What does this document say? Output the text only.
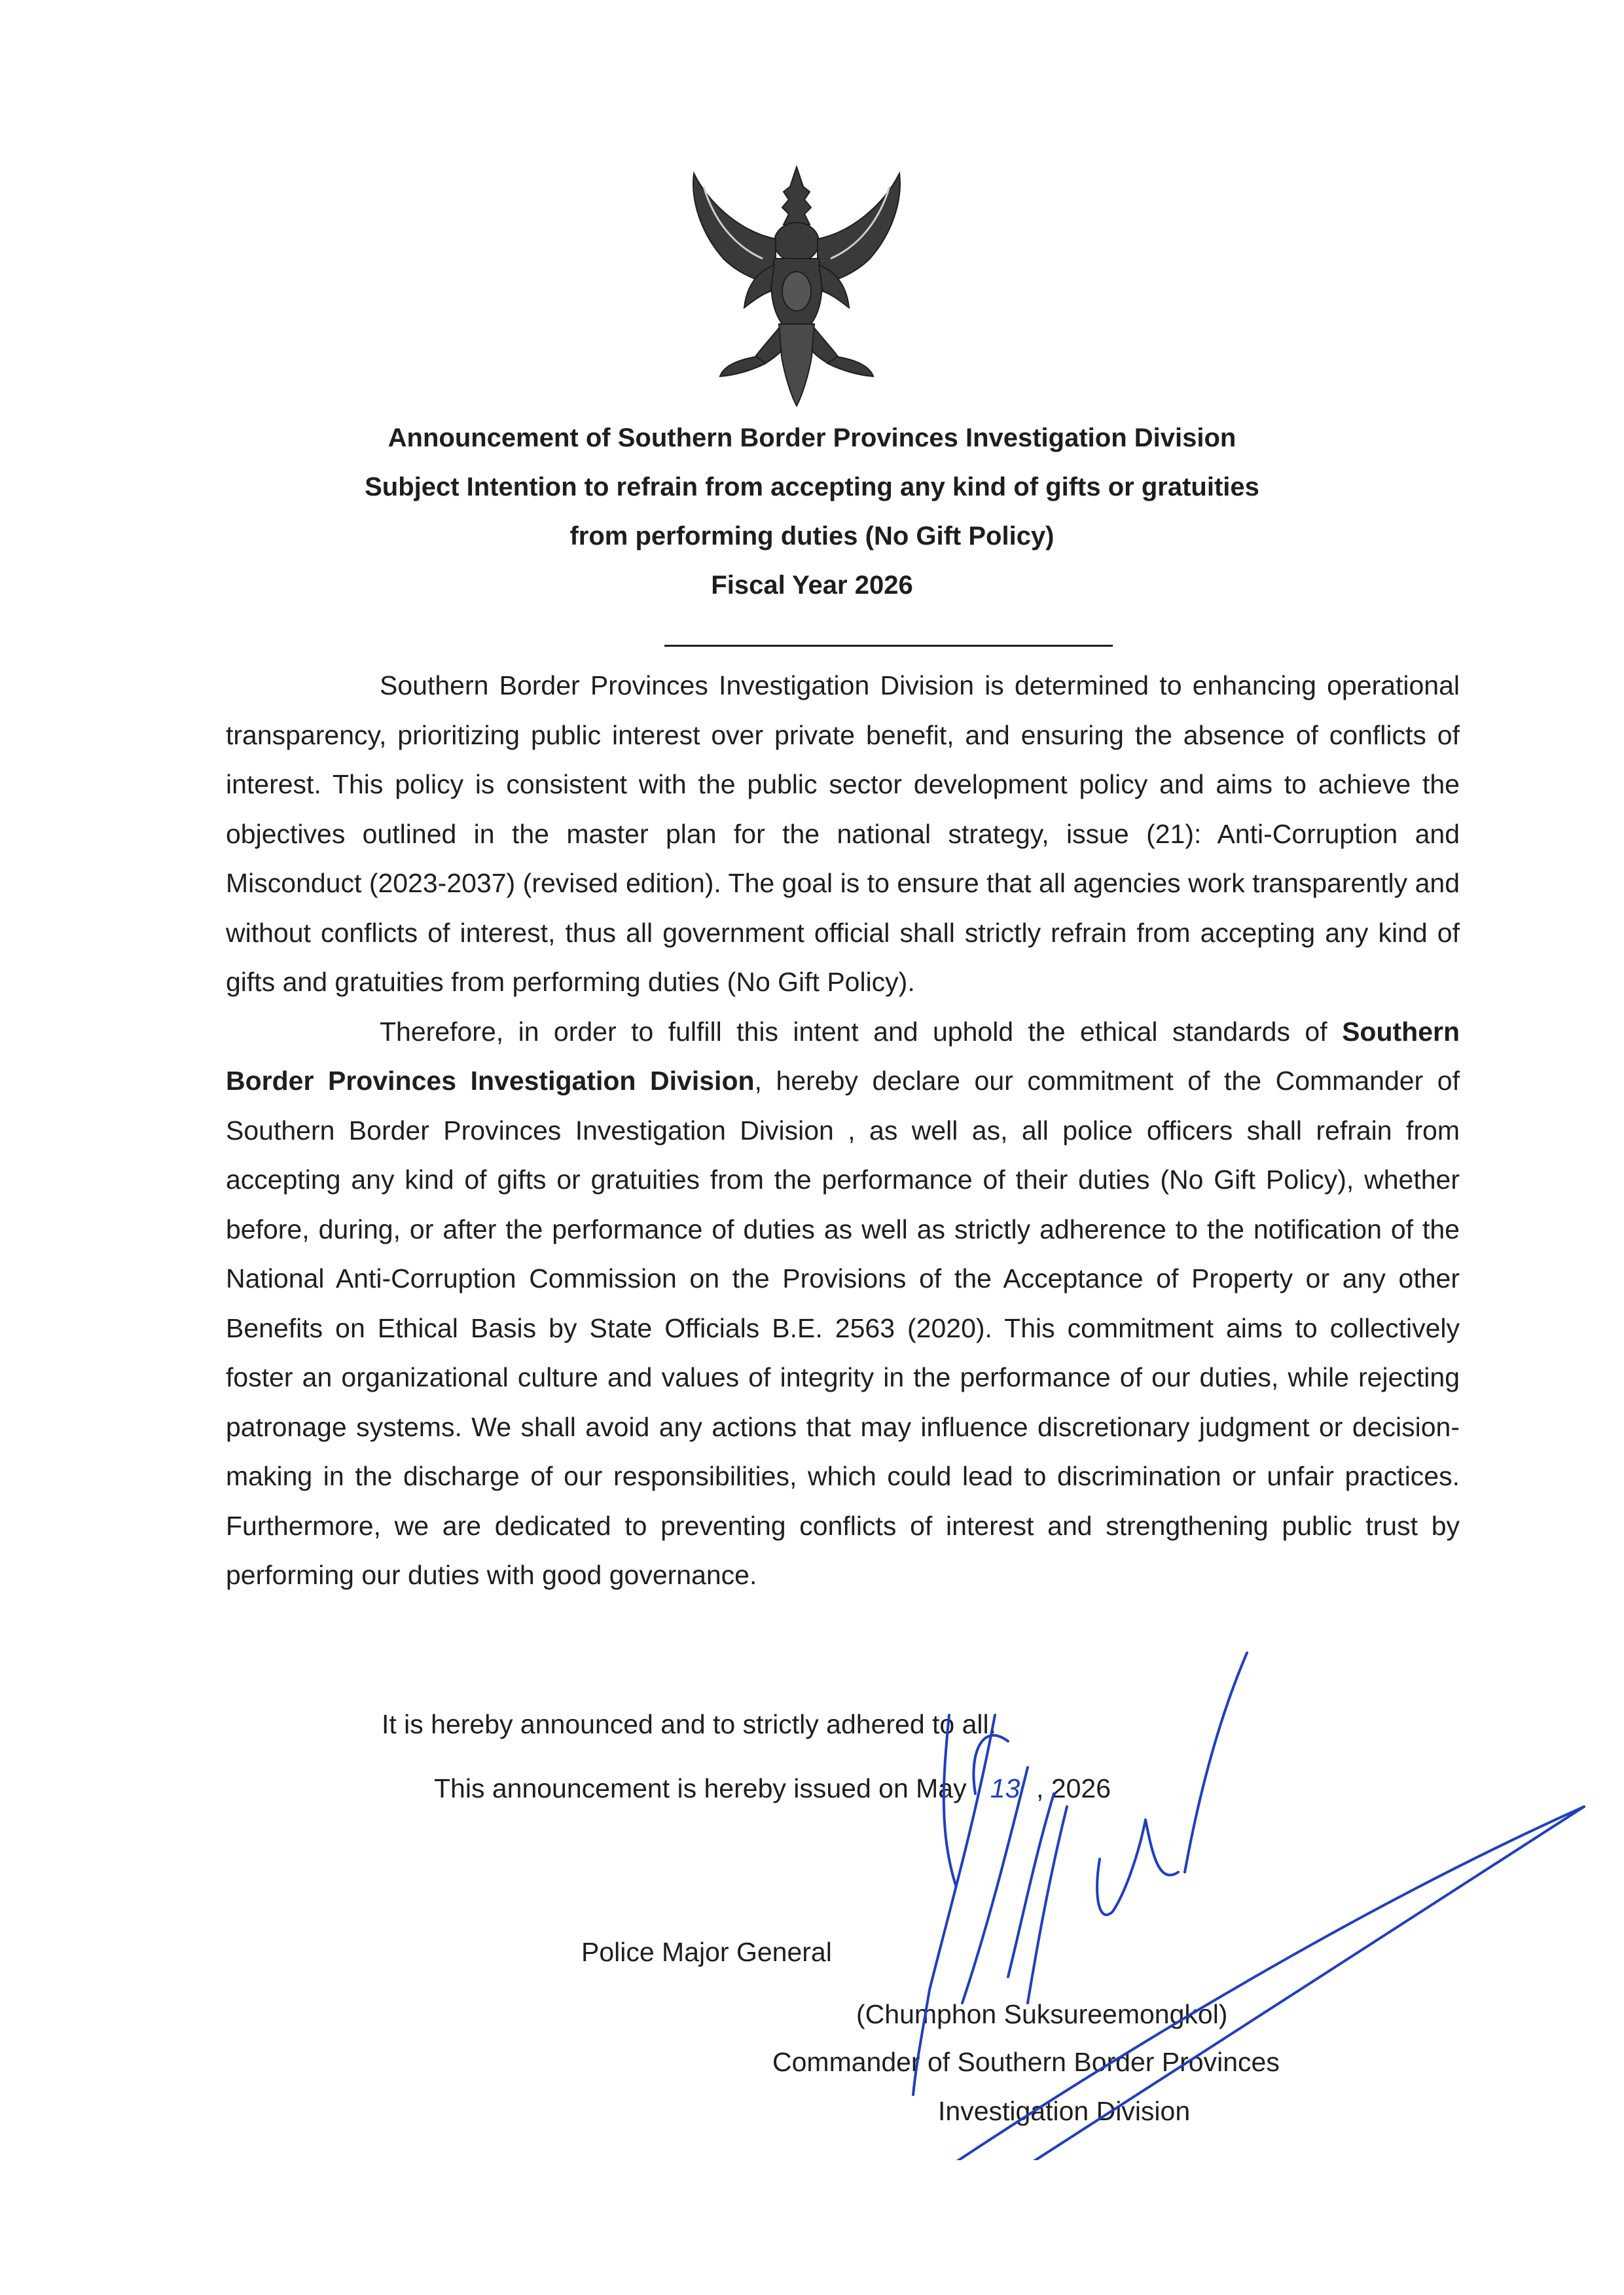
Announcement of Southern Border Provinces Investigation Division
Subject Intention to refrain from accepting any kind of gifts or gratuities
from performing duties (No Gift Policy)
Fiscal Year 2026

Southern Border Provinces Investigation Division is determined to enhancing operational transparency, prioritizing public interest over private benefit, and ensuring the absence of conflicts of interest. This policy is consistent with the public sector development policy and aims to achieve the objectives outlined in the master plan for the national strategy, issue (21): Anti-Corruption and Misconduct (2023-2037) (revised edition). The goal is to ensure that all agencies work transparently and without conflicts of interest, thus all government official shall strictly refrain from accepting any kind of gifts and gratuities from performing duties (No Gift Policy).

Therefore, in order to fulfill this intent and uphold the ethical standards of Southern Border Provinces Investigation Division, hereby declare our commitment of the Commander of Southern Border Provinces Investigation Division , as well as, all police officers shall refrain from accepting any kind of gifts or gratuities from the performance of their duties (No Gift Policy), whether before, during, or after the performance of duties as well as strictly adherence to the notification of the National Anti-Corruption Commission on the Provisions of the Acceptance of Property or any other Benefits on Ethical Basis by State Officials B.E. 2563 (2020). This commitment aims to collectively foster an organizational culture and values of integrity in the performance of our duties, while rejecting patronage systems. We shall avoid any actions that may influence discretionary judgment or decision-making in the discharge of our responsibilities, which could lead to discrimination or unfair practices. Furthermore, we are dedicated to preventing conflicts of interest and strengthening public trust by performing our duties with good governance.

It is hereby announced and to strictly adhered to all.
This announcement is hereby issued on May 13 , 2026
Police Major General
(Chumphon Suksureemongkol)
Commander of Southern Border Provinces
Investigation Division
